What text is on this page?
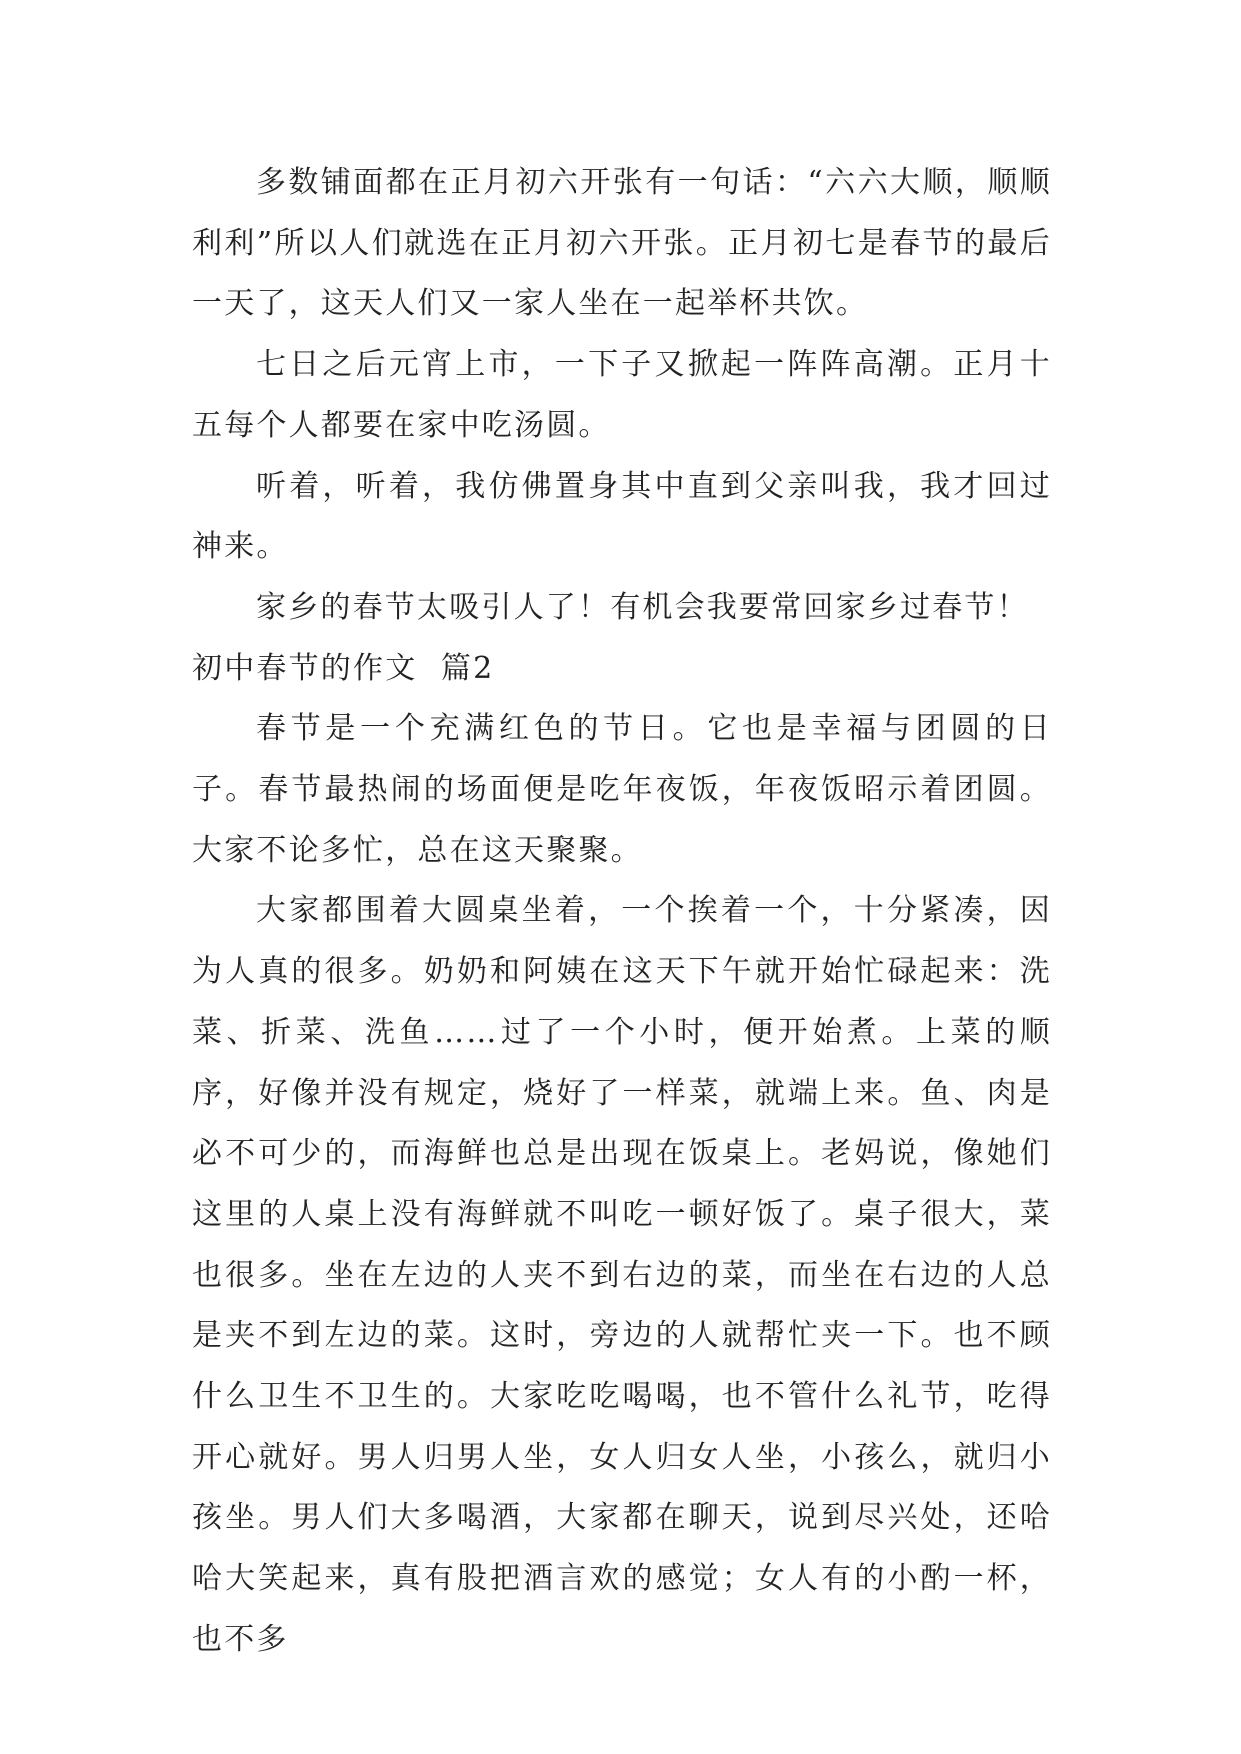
多数铺面都在正月初六开张有一句话：“六六大顺，顺顺利利”所以人们就选在正月初六开张。正月初七是春节的最后一天了，这天人们又一家人坐在一起举杯共饮。

七日之后元宵上市，一下子又掀起一阵阵高潮。正月十五每个人都要在家中吃汤圆。

听着，听着，我仿佛置身其中直到父亲叫我，我才回过神来。

家乡的春节太吸引人了！有机会我要常回家乡过春节！

初中春节的作文  篇2

春节是一个充满红色的节日。它也是幸福与团圆的日子。春节最热闹的场面便是吃年夜饭，年夜饭昭示着团圆。大家不论多忙，总在这天聚聚。

大家都围着大圆桌坐着，一个挨着一个，十分紧凑，因为人真的很多。奶奶和阿姨在这天下午就开始忙碌起来：洗菜、折菜、洗鱼……过了一个小时，便开始煮。上菜的顺序，好像并没有规定，烧好了一样菜，就端上来。鱼、肉是必不可少的，而海鲜也总是出现在饭桌上。老妈说，像她们这里的人桌上没有海鲜就不叫吃一顿好饭了。桌子很大，菜也很多。坐在左边的人夹不到右边的菜，而坐在右边的人总是夹不到左边的菜。这时，旁边的人就帮忙夹一下。也不顾什么卫生不卫生的。大家吃吃喝喝，也不管什么礼节，吃得开心就好。男人归男人坐，女人归女人坐，小孩么，就归小孩坐。男人们大多喝酒，大家都在聊天，说到尽兴处，还哈哈大笑起来，真有股把酒言欢的感觉；女人有的小酌一杯，也不多
